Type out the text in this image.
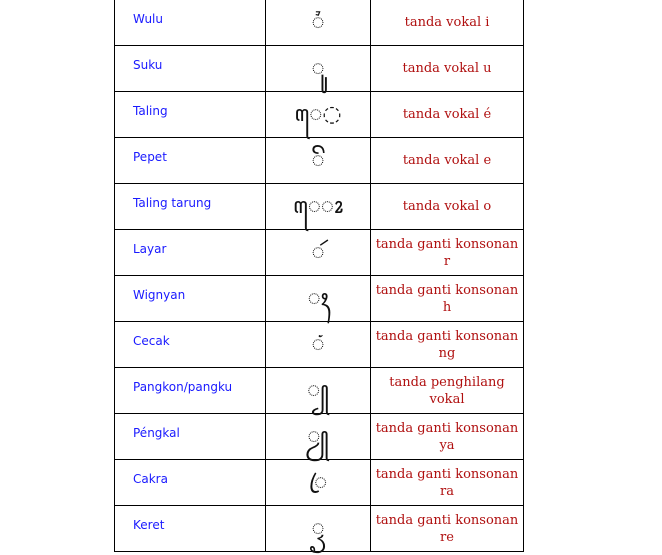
Wulu	◌ᮤ	tanda vokal i
Suku	ꦸ	tanda vokal u
Taling	ꦺ◌	tanda vokal é
Pepet	ꦼ	tanda vokal e
Taling tarung	ꦺ◌ꦴ	tanda vokal o
Layar	ꦂ	tanda ganti konsonan r
Wignyan	◌ꦃ	tanda ganti konsonan h
Cecak	ꦁ	tanda ganti konsonan ng
Pangkon/pangku	꧀	tanda penghilang vokal
Péngkal	ꦾ	tanda ganti konsonan ya
Cakra	ꦿ	tanda ganti konsonan ra
Keret	ꦽ	tanda ganti konsonan re
